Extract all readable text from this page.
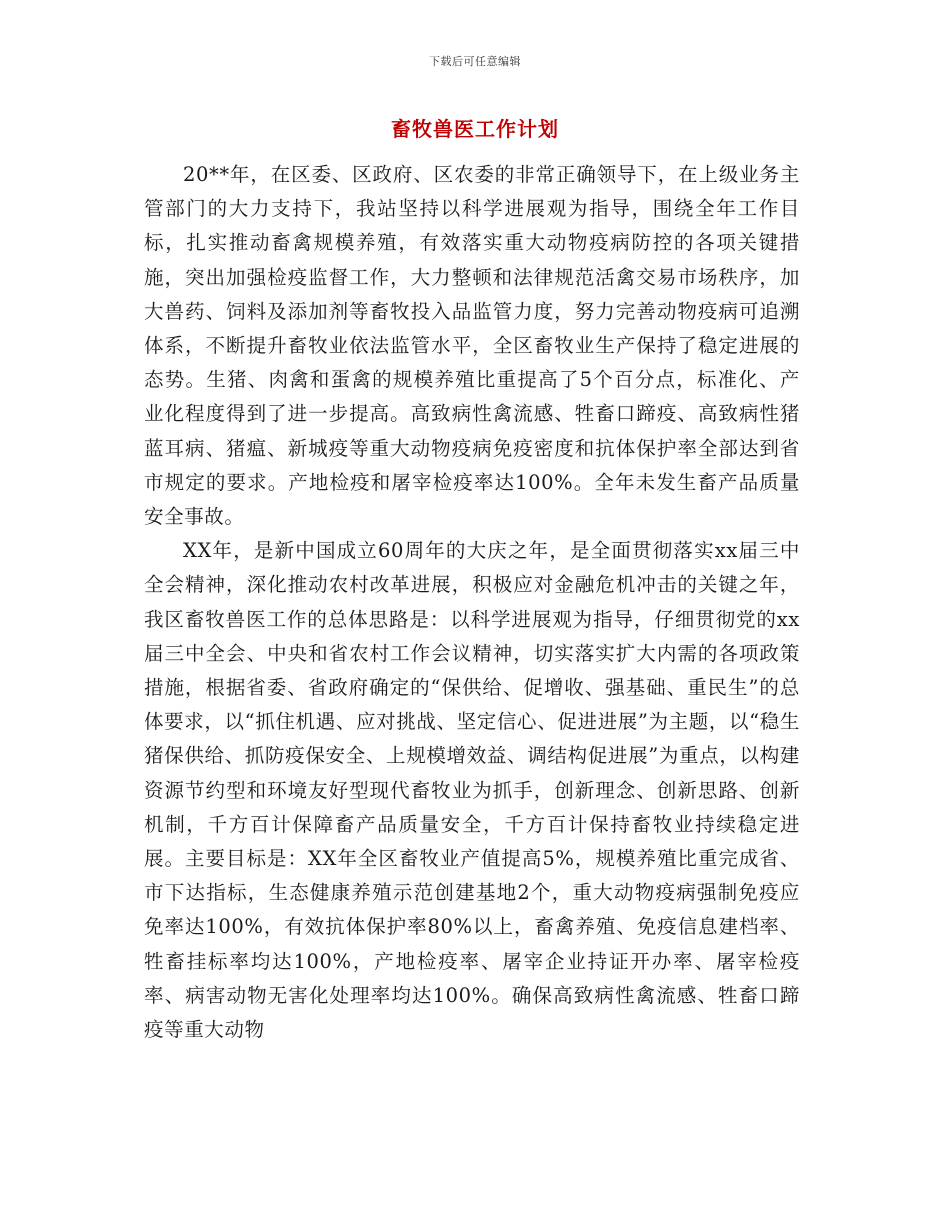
下载后可任意编辑
畜牧兽医工作计划

20**年，在区委、区政府、区农委的非常正确领导下，在上级业务主管部门的大力支持下，我站坚持以科学进展观为指导，围绕全年工作目标，扎实推动畜禽规模养殖，有效落实重大动物疫病防控的各项关键措施，突出加强检疫监督工作，大力整顿和法律规范活禽交易市场秩序，加大兽药、饲料及添加剂等畜牧投入品监管力度，努力完善动物疫病可追溯体系，不断提升畜牧业依法监管水平，全区畜牧业生产保持了稳定进展的态势。生猪、肉禽和蛋禽的规模养殖比重提高了5个百分点，标准化、产业化程度得到了进一步提高。高致病性禽流感、牲畜口蹄疫、高致病性猪蓝耳病、猪瘟、新城疫等重大动物疫病免疫密度和抗体保护率全部达到省市规定的要求。产地检疫和屠宰检疫率达100%。全年未发生畜产品质量安全事故。

XX年，是新中国成立60周年的大庆之年，是全面贯彻落实xx届三中全会精神，深化推动农村改革进展，积极应对金融危机冲击的关键之年，我区畜牧兽医工作的总体思路是：以科学进展观为指导，仔细贯彻党的xx届三中全会、中央和省农村工作会议精神，切实落实扩大内需的各项政策措施，根据省委、省政府确定的“保供给、促增收、强基础、重民生”的总体要求，以“抓住机遇、应对挑战、坚定信心、促进进展”为主题，以“稳生猪保供给、抓防疫保安全、上规模增效益、调结构促进展”为重点，以构建资源节约型和环境友好型现代畜牧业为抓手，创新理念、创新思路、创新机制，千方百计保障畜产品质量安全，千方百计保持畜牧业持续稳定进展。主要目标是：XX年全区畜牧业产值提高5%，规模养殖比重完成省、市下达指标，生态健康养殖示范创建基地2个，重大动物疫病强制免疫应免率达100%，有效抗体保护率80%以上，畜禽养殖、免疫信息建档率、牲畜挂标率均达100%，产地检疫率、屠宰企业持证开办率、屠宰检疫率、病害动物无害化处理率均达100%。确保高致病性禽流感、牲畜口蹄疫等重大动物
